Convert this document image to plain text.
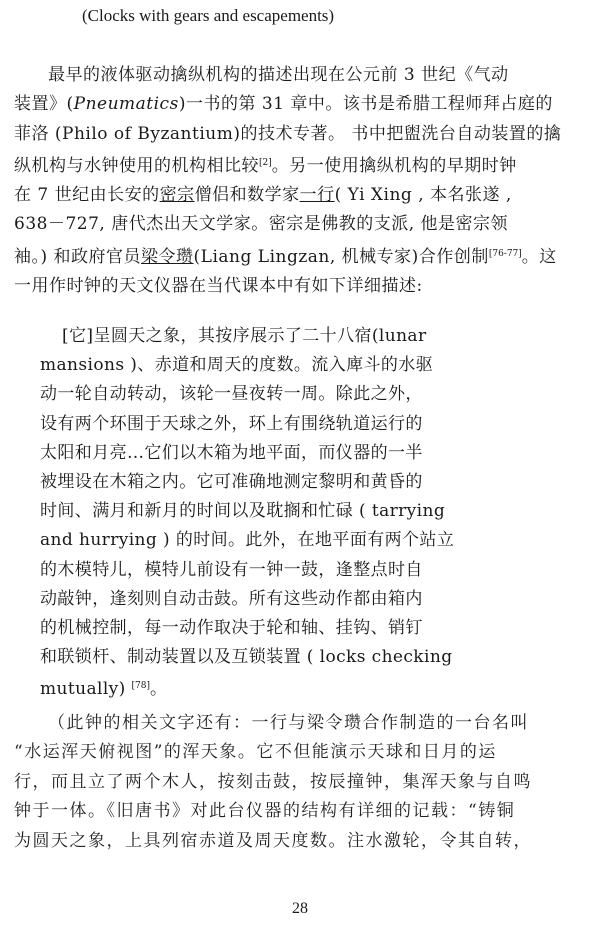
(Clocks with gears and escapements)

最早的液体驱动擒纵机构的描述出现在公元前 3 世纪《气动
装置》(Pneumatics)一书的第 31 章中。该书是希腊工程师拜占庭的
菲洛 (Philo of Byzantium)的技术专著。 书中把盥洗台自动装置的擒
纵机构与水钟使用的机构相比较[2]。另一使用擒纵机构的早期时钟
在 7 世纪由长安的密宗僧侣和数学家一行( Yi Xing , 本名张遂 ,
638－727, 唐代杰出天文学家。密宗是佛教的支派, 他是密宗领
袖。) 和政府官员梁令瓒(Liang Lingzan, 机械专家)合作创制[76-77]。这
一用作时钟的天文仪器在当代课本中有如下详细描述:

[它]呈圆天之象，其按序展示了二十八宿(lunar
mansions )、赤道和周天的度数。流入庳斗的水驱
动一轮自动转动，该轮一昼夜转一周。除此之外，
设有两个环围于天球之外，环上有围绕轨道运行的
太阳和月亮…它们以木箱为地平面，而仪器的一半
被埋设在木箱之内。它可准确地测定黎明和黄昏的
时间、满月和新月的时间以及耽搁和忙碌 ( tarrying
and hurrying ) 的时间。此外，在地平面有两个站立
的木模特儿，模特儿前设有一钟一鼓，逢整点时自
动敲钟，逢刻则自动击鼓。所有这些动作都由箱内
的机械控制，每一动作取决于轮和轴、挂钩、销钉
和联锁杆、制动装置以及互锁装置 ( locks checking
mutually) [78]。

（此钟的相关文字还有：一行与梁令瓒合作制造的一台名叫
“水运浑天俯视图”的浑天象。它不但能演示天球和日月的运
行，而且立了两个木人，按刻击鼓，按辰撞钟，集浑天象与自鸣
钟于一体。《旧唐书》对此台仪器的结构有详细的记载：“铸铜
为圆天之象，上具列宿赤道及周天度数。注水激轮，令其自转，

28
